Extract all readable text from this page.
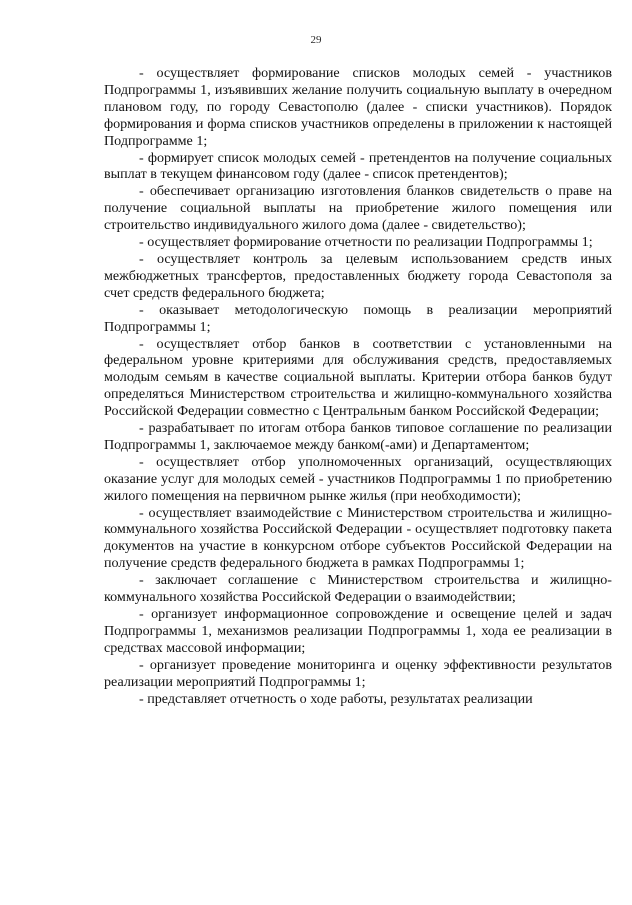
29

- осуществляет формирование списков молодых семей - участников Подпрограммы 1, изъявивших желание получить социальную выплату в очередном плановом году, по городу Севастополю (далее - списки участников). Порядок формирования и форма списков участников определены в приложении к настоящей Подпрограмме 1;

- формирует список молодых семей - претендентов на получение социальных выплат в текущем финансовом году (далее - список претендентов);

- обеспечивает организацию изготовления бланков свидетельств о праве на получение социальной выплаты на приобретение жилого помещения или строительство индивидуального жилого дома (далее - свидетельство);

- осуществляет формирование отчетности по реализации Подпрограммы 1;

- осуществляет контроль за целевым использованием средств иных межбюджетных трансфертов, предоставленных бюджету города Севастополя за счет средств федерального бюджета;

- оказывает методологическую помощь в реализации мероприятий Подпрограммы 1;

- осуществляет отбор банков в соответствии с установленными на федеральном уровне критериями для обслуживания средств, предоставляемых молодым семьям в качестве социальной выплаты. Критерии отбора банков будут определяться Министерством строительства и жилищно-коммунального хозяйства Российской Федерации совместно с Центральным банком Российской Федерации;

- разрабатывает по итогам отбора банков типовое соглашение по реализации Подпрограммы 1, заключаемое между банком(-ами) и Департаментом;

- осуществляет отбор уполномоченных организаций, осуществляющих оказание услуг для молодых семей - участников Подпрограммы 1 по приобретению жилого помещения на первичном рынке жилья (при необходимости);

- осуществляет взаимодействие с Министерством строительства и жилищно-коммунального хозяйства Российской Федерации - осуществляет подготовку пакета документов на участие в конкурсном отборе субъектов Российской Федерации на получение средств федерального бюджета в рамках Подпрограммы 1;

- заключает соглашение с Министерством строительства и жилищно-коммунального хозяйства Российской Федерации о взаимодействии;

- организует информационное сопровождение и освещение целей и задач Подпрограммы 1, механизмов реализации Подпрограммы 1, хода ее реализации в средствах массовой информации;

- организует проведение мониторинга и оценку эффективности результатов реализации мероприятий Подпрограммы 1;

- представляет отчетность о ходе работы, результатах реализации
